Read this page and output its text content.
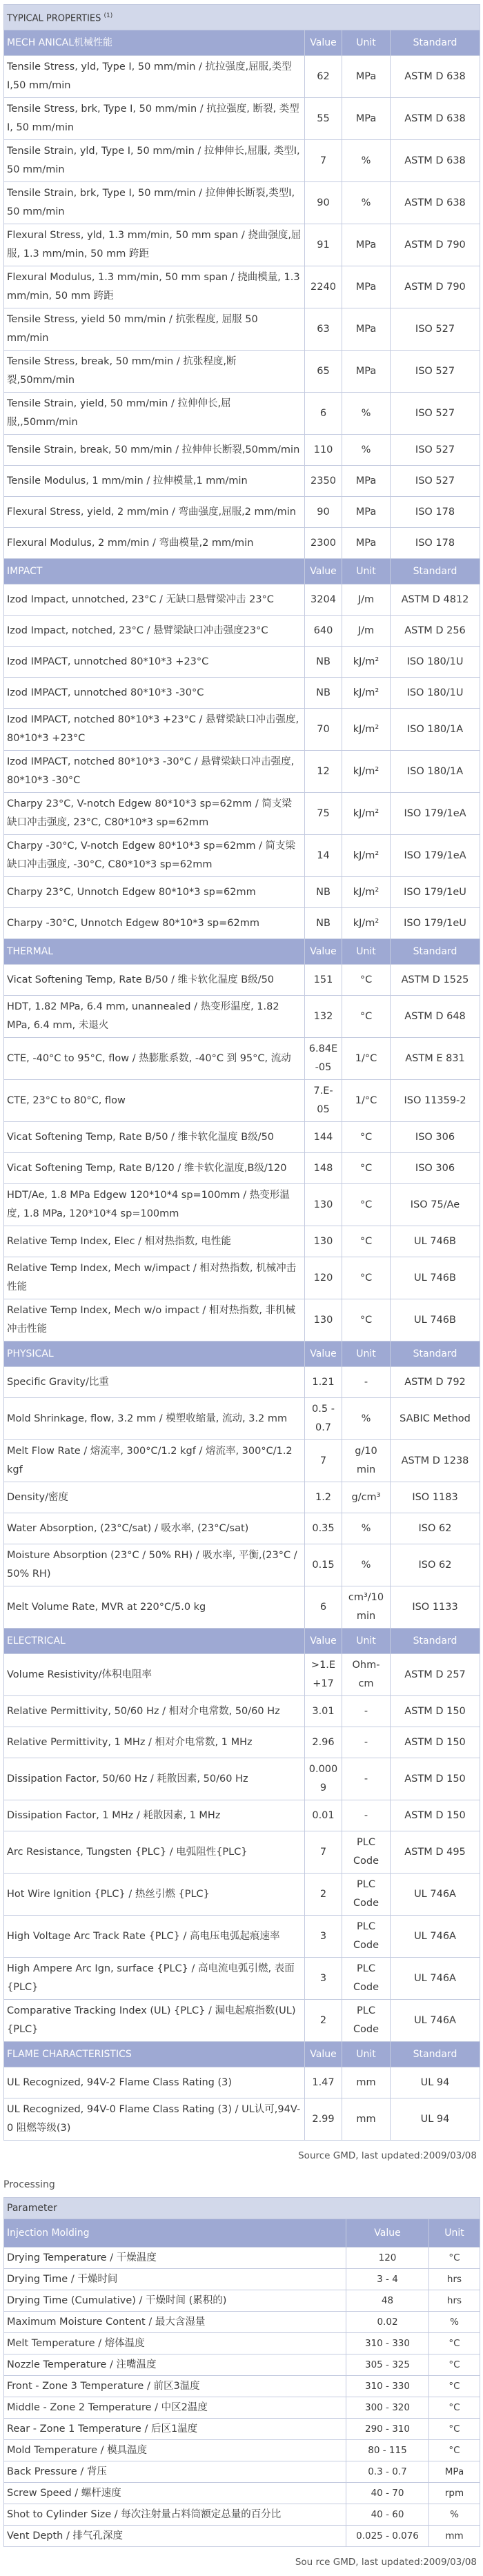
TYPICAL PROPERTIES $^{(1)}$
MECH ANICAL机械性能	Value	Unit	Standard
Tensile Stress, yld, Type I, 50 mm/min / 抗拉强度,屈服,类型I,50 mm/min	62	MPa	ASTM D 638
Tensile Stress, brk, Type I, 50 mm/min / 抗拉强度, 断裂, 类型I, 50 mm/min	55	MPa	ASTM D 638
Tensile Strain, yld, Type I, 50 mm/min / 拉伸伸长,屈服, 类型I, 50 mm/min	7	%	ASTM D 638
Tensile Strain, brk, Type I, 50 mm/min / 拉伸伸长断裂,类型I, 50 mm/min	90	%	ASTM D 638
Flexural Stress, yld, 1.3 mm/min, 50 mm span / 挠曲强度,屈服, 1.3 mm/min, 50 mm 跨距	91	MPa	ASTM D 790
Flexural Modulus, 1.3 mm/min, 50 mm span / 挠曲模量, 1.3 mm/min, 50 mm 跨距	2240	MPa	ASTM D 790
Tensile Stress, yield 50 mm/min / 抗张程度, 屈服 50 mm/min	63	MPa	ISO 527
Tensile Stress, break, 50 mm/min / 抗张程度,断裂,50mm/min	65	MPa	ISO 527
Tensile Strain, yield, 50 mm/min / 拉伸伸长,屈服,,50mm/min	6	%	ISO 527
Tensile Strain, break, 50 mm/min / 拉伸伸长断裂,50mm/min	110	%	ISO 527
Tensile Modulus, 1 mm/min / 拉伸模量,1 mm/min	2350	MPa	ISO 527
Flexural Stress, yield, 2 mm/min / 弯曲强度,屈服,2 mm/min	90	MPa	ISO 178
Flexural Modulus, 2 mm/min / 弯曲模量,2 mm/min	2300	MPa	ISO 178
IMPACT	Value	Unit	Standard
Izod Impact, unnotched, 23°C / 无缺口悬臂梁冲击 23°C	3204	J/m	ASTM D 4812
Izod Impact, notched, 23°C / 悬臂梁缺口冲击强度23°C	640	J/m	ASTM D 256
Izod IMPACT, unnotched 80*10*3 +23°C	NB	kJ/m²	ISO 180/1U
Izod IMPACT, unnotched 80*10*3 -30°C	NB	kJ/m²	ISO 180/1U
Izod IMPACT, notched 80*10*3 +23°C / 悬臂梁缺口冲击强度, 80*10*3 +23°C	70	kJ/m²	ISO 180/1A
Izod IMPACT, notched 80*10*3 -30°C / 悬臂梁缺口冲击强度, 80*10*3 -30°C	12	kJ/m²	ISO 180/1A
Charpy 23°C, V-notch Edgew 80*10*3 sp=62mm / 简支梁缺口冲击强度, 23°C, C80*10*3 sp=62mm	75	kJ/m²	ISO 179/1eA
Charpy -30°C, V-notch Edgew 80*10*3 sp=62mm / 简支梁缺口冲击强度, -30°C, C80*10*3 sp=62mm	14	kJ/m²	ISO 179/1eA
Charpy 23°C, Unnotch Edgew 80*10*3 sp=62mm	NB	kJ/m²	ISO 179/1eU
Charpy -30°C, Unnotch Edgew 80*10*3 sp=62mm	NB	kJ/m²	ISO 179/1eU
THERMAL	Value	Unit	Standard
Vicat Softening Temp, Rate B/50 / 维卡软化温度 B级/50	151	°C	ASTM D 1525
HDT, 1.82 MPa, 6.4 mm, unannealed / 热变形温度, 1.82 MPa, 6.4 mm, 未退火	132	°C	ASTM D 648
CTE, -40°C to 95°C, flow / 热膨胀系数, -40°C 到 95°C, 流动	6.84E-05	1/°C	ASTM E 831
CTE, 23°C to 80°C, flow	7.E-05	1/°C	ISO 11359-2
Vicat Softening Temp, Rate B/50 / 维卡软化温度 B级/50	144	°C	ISO 306
Vicat Softening Temp, Rate B/120 / 维卡软化温度,B级/120	148	°C	ISO 306
HDT/Ae, 1.8 MPa Edgew 120*10*4 sp=100mm / 热变形温度, 1.8 MPa, 120*10*4 sp=100mm	130	°C	ISO 75/Ae
Relative Temp Index, Elec / 相对热指数, 电性能	130	°C	UL 746B
Relative Temp Index, Mech w/impact / 相对热指数, 机械冲击性能	120	°C	UL 746B
Relative Temp Index, Mech w/o impact / 相对热指数, 非机械冲击性能	130	°C	UL 746B
PHYSICAL	Value	Unit	Standard
Specific Gravity/比重	1.21	-	ASTM D 792
Mold Shrinkage, flow, 3.2 mm / 模塑收缩量, 流动, 3.2 mm	0.5 - 0.7	%	SABIC Method
Melt Flow Rate / 熔流率, 300°C/1.2 kgf / 熔流率, 300°C/1.2 kgf	7	g/10 min	ASTM D 1238
Density/密度	1.2	g/cm³	ISO 1183
Water Absorption, (23°C/sat) / 吸水率, (23°C/sat)	0.35	%	ISO 62
Moisture Absorption (23°C / 50% RH) / 吸水率, 平衡,(23°C / 50% RH)	0.15	%	ISO 62
Melt Volume Rate, MVR at 220°C/5.0 kg	6	cm³/10 min	ISO 1133
ELECTRICAL	Value	Unit	Standard
Volume Resistivity/体积电阻率	>1.E+17	Ohm-cm	ASTM D 257
Relative Permittivity, 50/60 Hz / 相对介电常数, 50/60 Hz	3.01	-	ASTM D 150
Relative Permittivity, 1 MHz / 相对介电常数, 1 MHz	2.96	-	ASTM D 150
Dissipation Factor, 50/60 Hz / 耗散因素, 50/60 Hz	0.0009	-	ASTM D 150
Dissipation Factor, 1 MHz / 耗散因素, 1 MHz	0.01	-	ASTM D 150
Arc Resistance, Tungsten {PLC} / 电弧阻性{PLC}	7	PLC Code	ASTM D 495
Hot Wire Ignition {PLC} / 热丝引燃 {PLC}	2	PLC Code	UL 746A
High Voltage Arc Track Rate {PLC} / 高电压电弧起痕速率	3	PLC Code	UL 746A
High Ampere Arc Ign, surface {PLC} / 高电流电弧引燃, 表面{PLC}	3	PLC Code	UL 746A
Comparative Tracking Index (UL) {PLC} / 漏电起痕指数(UL){PLC}	2	PLC Code	UL 746A
FLAME CHARACTERISTICS	Value	Unit	Standard
UL Recognized, 94V-2 Flame Class Rating (3)	1.47	mm	UL 94
UL Recognized, 94V-0 Flame Class Rating (3) / UL认可,94V-0 阻燃等级(3)	2.99	mm	UL 94
Source GMD, last updated:2009/03/08
Processing
Parameter		
Injection Molding	Value	Unit
Drying Temperature / 干燥温度	120	°C
Drying Time / 干燥时间	3 - 4	hrs
Drying Time (Cumulative) / 干燥时间 (累积的)	48	hrs
Maximum Moisture Content / 最大含湿量	0.02	%
Melt Temperature / 熔体温度	310 - 330	°C
Nozzle Temperature / 注嘴温度	305 - 325	°C
Front - Zone 3 Temperature / 前区3温度	310 - 330	°C
Middle - Zone 2 Temperature / 中区2温度	300 - 320	°C
Rear - Zone 1 Temperature / 后区1温度	290 - 310	°C
Mold Temperature / 模具温度	80 - 115	°C
Back Pressure / 背压	0.3 - 0.7	MPa
Screw Speed / 螺杆速度	40 - 70	rpm
Shot to Cylinder Size / 每次注射量占料筒额定总量的百分比	40 - 60	%
Vent Depth / 排气孔深度	0.025 - 0.076	mm
Sou rce GMD, last updated:2009/03/08
